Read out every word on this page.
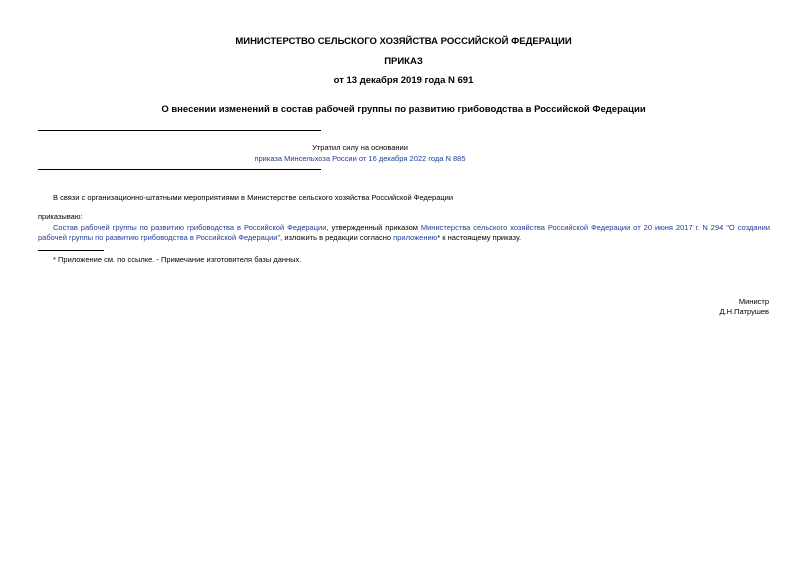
МИНИСТЕРСТВО СЕЛЬСКОГО ХОЗЯЙСТВА РОССИЙСКОЙ ФЕДЕРАЦИИ
ПРИКАЗ
от 13 декабря 2019 года N 691
О внесении изменений в состав рабочей группы по развитию грибоводства в Российской Федерации
Утратил силу на основании
приказа Минсельхоза России от 16 декабря 2022 года N 885
В связи с организационно-штатными мероприятиями в Министерстве сельского хозяйства Российской Федерации
приказываю:
Состав рабочей группы по развитию грибоводства в Российской Федерации, утвержденный приказом Министерства сельского хозяйства Российской Федерации от 20 июня 2017 г. N 294 "О создании рабочей группы по развитию грибоводства в Российской Федерации", изложить в редакции согласно приложению* к настоящему приказу.
* Приложение см. по ссылке. - Примечание изготовителя базы данных.
Министр
Д.Н.Патрушев
